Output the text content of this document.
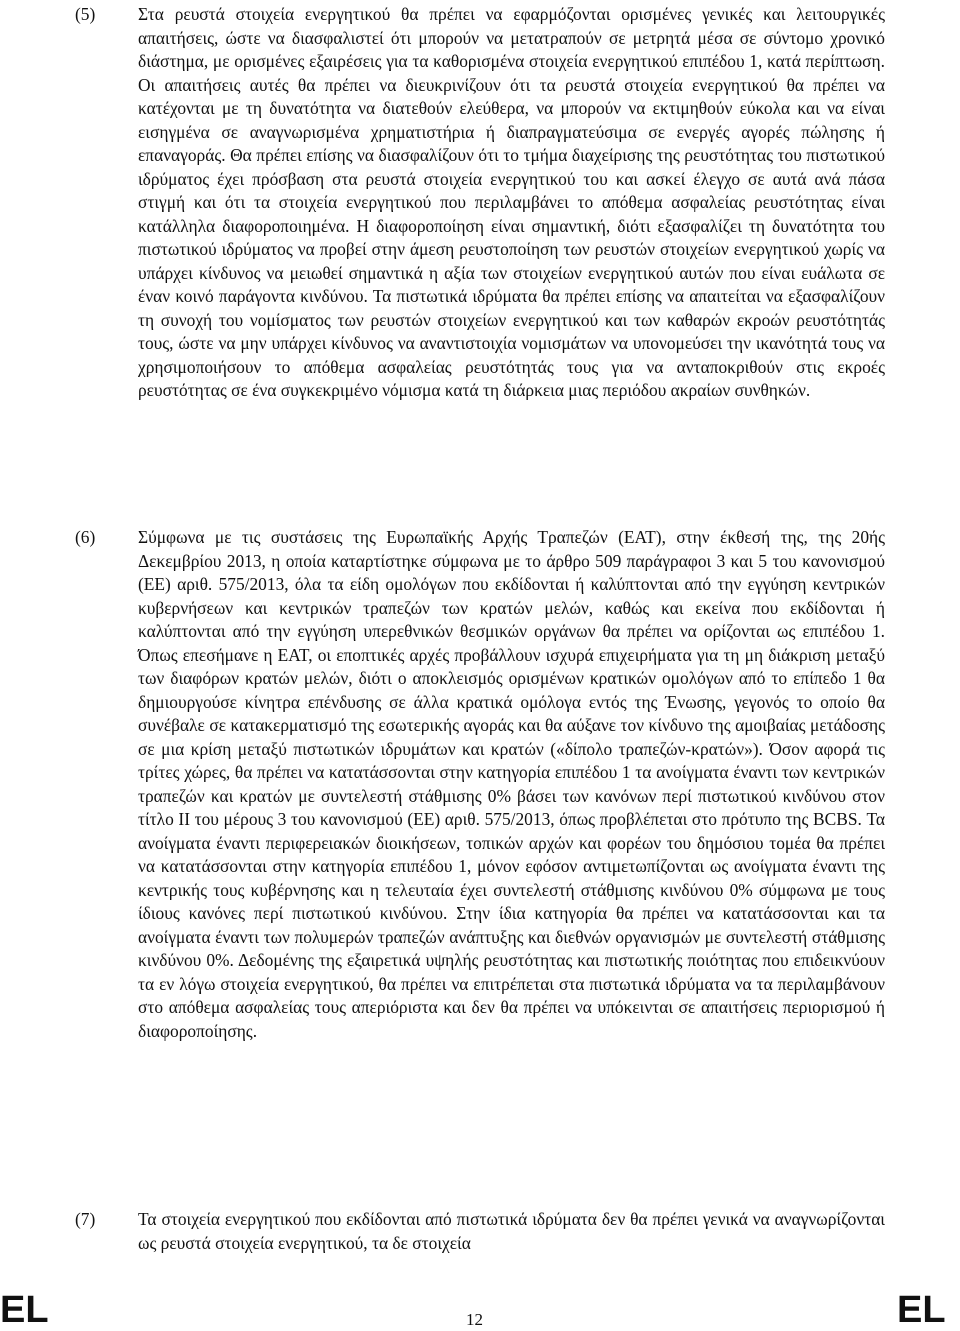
(5)	Στα ρευστά στοιχεία ενεργητικού θα πρέπει να εφαρμόζονται ορισμένες γενικές και λειτουργικές απαιτήσεις, ώστε να διασφαλιστεί ότι μπορούν να μετατραπούν σε μετρητά μέσα σε σύντομο χρονικό διάστημα, με ορισμένες εξαιρέσεις για τα καθορισμένα στοιχεία ενεργητικού επιπέδου 1, κατά περίπτωση. Οι απαιτήσεις αυτές θα πρέπει να διευκρινίζουν ότι τα ρευστά στοιχεία ενεργητικού θα πρέπει να κατέχονται με τη δυνατότητα να διατεθούν ελεύθερα, να μπορούν να εκτιμηθούν εύκολα και να είναι εισηγμένα σε αναγνωρισμένα χρηματιστήρια ή διαπραγματεύσιμα σε ενεργές αγορές πώλησης ή επαναγοράς. Θα πρέπει επίσης να διασφαλίζουν ότι το τμήμα διαχείρισης της ρευστότητας του πιστωτικού ιδρύματος έχει πρόσβαση στα ρευστά στοιχεία ενεργητικού του και ασκεί έλεγχο σε αυτά ανά πάσα στιγμή και ότι τα στοιχεία ενεργητικού που περιλαμβάνει το απόθεμα ασφαλείας ρευστότητας είναι κατάλληλα διαφοροποιημένα. Η διαφοροποίηση είναι σημαντική, διότι εξασφαλίζει τη δυνατότητα του πιστωτικού ιδρύματος να προβεί στην άμεση ρευστοποίηση των ρευστών στοιχείων ενεργητικού χωρίς να υπάρχει κίνδυνος να μειωθεί σημαντικά η αξία των στοιχείων ενεργητικού αυτών που είναι ευάλωτα σε έναν κοινό παράγοντα κινδύνου. Τα πιστωτικά ιδρύματα θα πρέπει επίσης να απαιτείται να εξασφαλίζουν τη συνοχή του νομίσματος των ρευστών στοιχείων ενεργητικού και των καθαρών εκροών ρευστότητάς τους, ώστε να μην υπάρχει κίνδυνος να αναντιστοιχία νομισμάτων να υπονομεύσει την ικανότητά τους να χρησιμοποιήσουν το απόθεμα ασφαλείας ρευστότητάς τους για να ανταποκριθούν στις εκροές ρευστότητας σε ένα συγκεκριμένο νόμισμα κατά τη διάρκεια μιας περιόδου ακραίων συνθηκών.
(6)	Σύμφωνα με τις συστάσεις της Ευρωπαϊκής Αρχής Τραπεζών (ΕΑΤ), στην έκθεσή της, της 20ής Δεκεμβρίου 2013, η οποία καταρτίστηκε σύμφωνα με το άρθρο 509 παράγραφοι 3 και 5 του κανονισμού (ΕΕ) αριθ. 575/2013, όλα τα είδη ομολόγων που εκδίδονται ή καλύπτονται από την εγγύηση κεντρικών κυβερνήσεων και κεντρικών τραπεζών των κρατών μελών, καθώς και εκείνα που εκδίδονται ή καλύπτονται από την εγγύηση υπερεθνικών θεσμικών οργάνων θα πρέπει να ορίζονται ως επιπέδου 1. Όπως επεσήμανε η ΕΑΤ, οι εποπτικές αρχές προβάλλουν ισχυρά επιχειρήματα για τη μη διάκριση μεταξύ των διαφόρων κρατών μελών, διότι ο αποκλεισμός ορισμένων κρατικών ομολόγων από το επίπεδο 1 θα δημιουργούσε κίνητρα επένδυσης σε άλλα κρατικά ομόλογα εντός της Ένωσης, γεγονός το οποίο θα συνέβαλε σε κατακερματισμό της εσωτερικής αγοράς και θα αύξανε τον κίνδυνο της αμοιβαίας μετάδοσης σε μια κρίση μεταξύ πιστωτικών ιδρυμάτων και κρατών («δίπολο τραπεζών-κρατών»). Όσον αφορά τις τρίτες χώρες, θα πρέπει να κατατάσσονται στην κατηγορία επιπέδου 1 τα ανοίγματα έναντι των κεντρικών τραπεζών και κρατών με συντελεστή στάθμισης 0% βάσει των κανόνων περί πιστωτικού κινδύνου στον τίτλο II του μέρους 3 του κανονισμού (ΕΕ) αριθ. 575/2013, όπως προβλέπεται στο πρότυπο της BCBS. Τα ανοίγματα έναντι περιφερειακών διοικήσεων, τοπικών αρχών και φορέων του δημόσιου τομέα θα πρέπει να κατατάσσονται στην κατηγορία επιπέδου 1, μόνον εφόσον αντιμετωπίζονται ως ανοίγματα έναντι της κεντρικής τους κυβέρνησης και η τελευταία έχει συντελεστή στάθμισης κινδύνου 0% σύμφωνα με τους ίδιους κανόνες περί πιστωτικού κινδύνου. Στην ίδια κατηγορία θα πρέπει να κατατάσσονται και τα ανοίγματα έναντι των πολυμερών τραπεζών ανάπτυξης και διεθνών οργανισμών με συντελεστή στάθμισης κινδύνου 0%. Δεδομένης της εξαιρετικά υψηλής ρευστότητας και πιστωτικής ποιότητας που επιδεικνύουν τα εν λόγω στοιχεία ενεργητικού, θα πρέπει να επιτρέπεται στα πιστωτικά ιδρύματα να τα περιλαμβάνουν στο απόθεμα ασφαλείας τους απεριόριστα και δεν θα πρέπει να υπόκεινται σε απαιτήσεις περιορισμού ή διαφοροποίησης.
(7)	Τα στοιχεία ενεργητικού που εκδίδονται από πιστωτικά ιδρύματα δεν θα πρέπει γενικά να αναγνωρίζονται ως ρευστά στοιχεία ενεργητικού, τα δε στοιχεία
EL	12	EL
